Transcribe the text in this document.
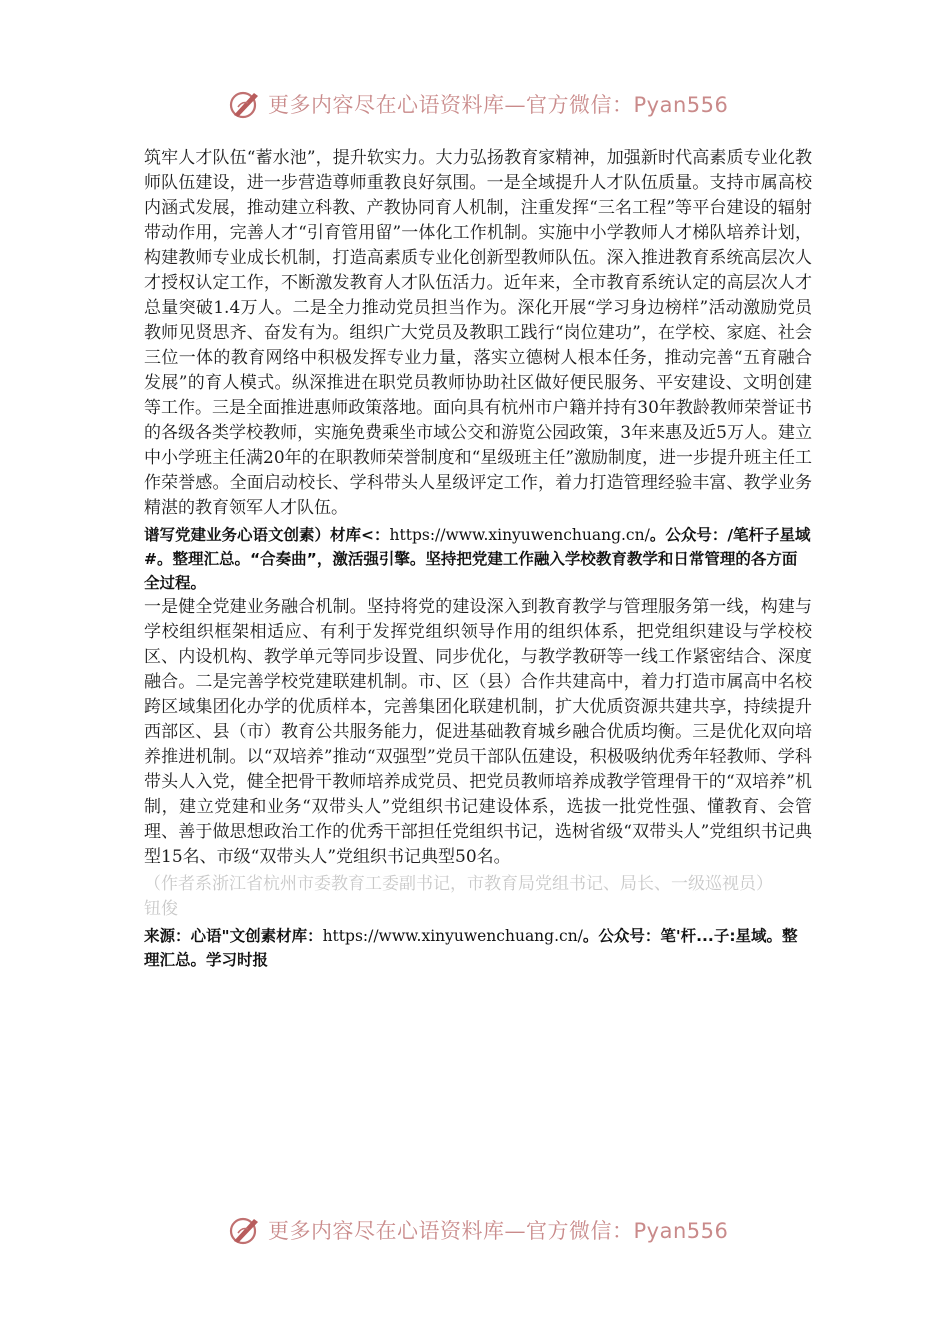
更多内容尽在心语资料库—官方微信：Pyan556

筑牢人才队伍“蓄水池”，提升软实力。大力弘扬教育家精神，加强新时代高素质专业化教师队伍建设，进一步营造尊师重教良好氛围。一是全域提升人才队伍质量。支持市属高校内涵式发展，推动建立科教、产教协同育人机制，注重发挥“三名工程”等平台建设的辐射带动作用，完善人才“引育管用留”一体化工作机制。实施中小学教师人才梯队培养计划，构建教师专业成长机制，打造高素质专业化创新型教师队伍。深入推进教育系统高层次人才授权认定工作，不断激发教育人才队伍活力。近年来，全市教育系统认定的高层次人才总量突破1.4万人。二是全力推动党员担当作为。深化开展“学习身边榜样”活动激励党员教师见贤思齐、奋发有为。组织广大党员及教职工践行“岗位建功”，在学校、家庭、社会三位一体的教育网络中积极发挥专业力量，落实立德树人根本任务，推动完善“五育融合发展”的育人模式。纵深推进在职党员教师协助社区做好便民服务、平安建设、文明创建等工作。三是全面推进惠师政策落地。面向具有杭州市户籍并持有30年教龄教师荣誉证书的各级各类学校教师，实施免费乘坐市域公交和游览公园政策，3年来惠及近5万人。建立中小学班主任满20年的在职教师荣誉制度和“星级班主任”激励制度，进一步提升班主任工作荣誉感。全面启动校长、学科带头人星级评定工作，着力打造管理经验丰富、教学业务精湛的教育领军人才队伍。

谱写党建业务心语文创素）材库<：https://www.xinyuwenchuang.cn/。公众号：/笔杆子星域#。整理汇总。“合奏曲”，激活强引擎。坚持把党建工作融入学校教育教学和日常管理的各方面全过程。

一是健全党建业务融合机制。坚持将党的建设深入到教育教学与管理服务第一线，构建与学校组织框架相适应、有利于发挥党组织领导作用的组织体系，把党组织建设与学校校区、内设机构、教学单元等同步设置、同步优化，与教学教研等一线工作紧密结合、深度融合。二是完善学校党建联建机制。市、区（县）合作共建高中，着力打造市属高中名校跨区域集团化办学的优质样本，完善集团化联建机制，扩大优质资源共建共享，持续提升西部区、县（市）教育公共服务能力，促进基础教育城乡融合优质均衡。三是优化双向培养推进机制。以“双培养”推动“双强型”党员干部队伍建设，积极吸纳优秀年轻教师、学科带头人入党，健全把骨干教师培养成党员、把党员教师培养成教学管理骨干的“双培养”机制，建立党建和业务“双带头人”党组织书记建设体系，选拔一批党性强、懂教育、会管理、善于做思想政治工作的优秀干部担任党组织书记，选树省级“双带头人”党组织书记典型15名、市级“双带头人”党组织书记典型50名。

（作者系浙江省杭州市委教育工委副书记，市教育局党组书记、局长、一级巡视员）

钮俊

来源：心语"文创素材库：https://www.xinyuwenchuang.cn/。公众号：笔'杆...子:星域。整理汇总。学习时报

更多内容尽在心语资料库—官方微信：Pyan556
